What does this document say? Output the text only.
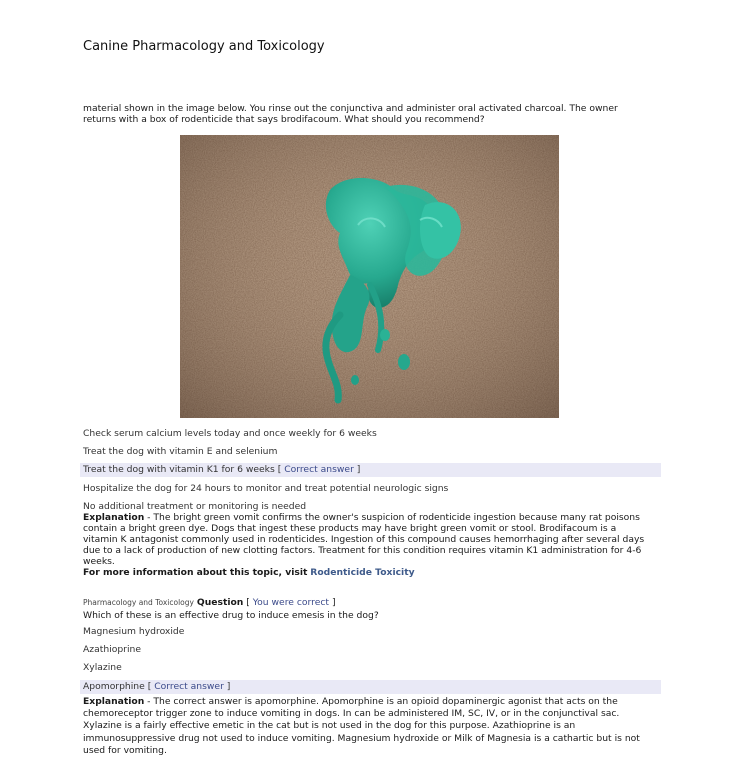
Canine Pharmacology and Toxicology
material shown in the image below. You rinse out the conjunctiva and administer oral activated charcoal. The owner returns with a box of rodenticide that says brodifacoum. What should you recommend?
Check serum calcium levels today and once weekly for 6 weeks
Treat the dog with vitamin E and selenium
Treat the dog with vitamin K1 for 6 weeks [ Correct answer ]
Hospitalize the dog for 24 hours to monitor and treat potential neurologic signs
No additional treatment or monitoring is needed
Explanation - The bright green vomit confirms the owner's suspicion of rodenticide ingestion because many rat poisons contain a bright green dye. Dogs that ingest these products may have bright green vomit or stool. Brodifacoum is a vitamin K antagonist commonly used in rodenticides. Ingestion of this compound causes hemorrhaging after several days due to a lack of production of new clotting factors. Treatment for this condition requires vitamin K1 administration for 4-6 weeks.
For more information about this topic, visit Rodenticide Toxicity
Pharmacology and Toxicology Question [ You were correct ]
Which of these is an effective drug to induce emesis in the dog?
Magnesium hydroxide
Azathioprine
Xylazine
Apomorphine [ Correct answer ]
Explanation - The correct answer is apomorphine. Apomorphine is an opioid dopaminergic agonist that acts on the chemoreceptor trigger zone to induce vomiting in dogs. In can be administered IM, SC, IV, or in the conjunctival sac. Xylazine is a fairly effective emetic in the cat but is not used in the dog for this purpose. Azathioprine is an immunosuppressive drug not used to induce vomiting. Magnesium hydroxide or Milk of Magnesia is a cathartic but is not used for vomiting.
